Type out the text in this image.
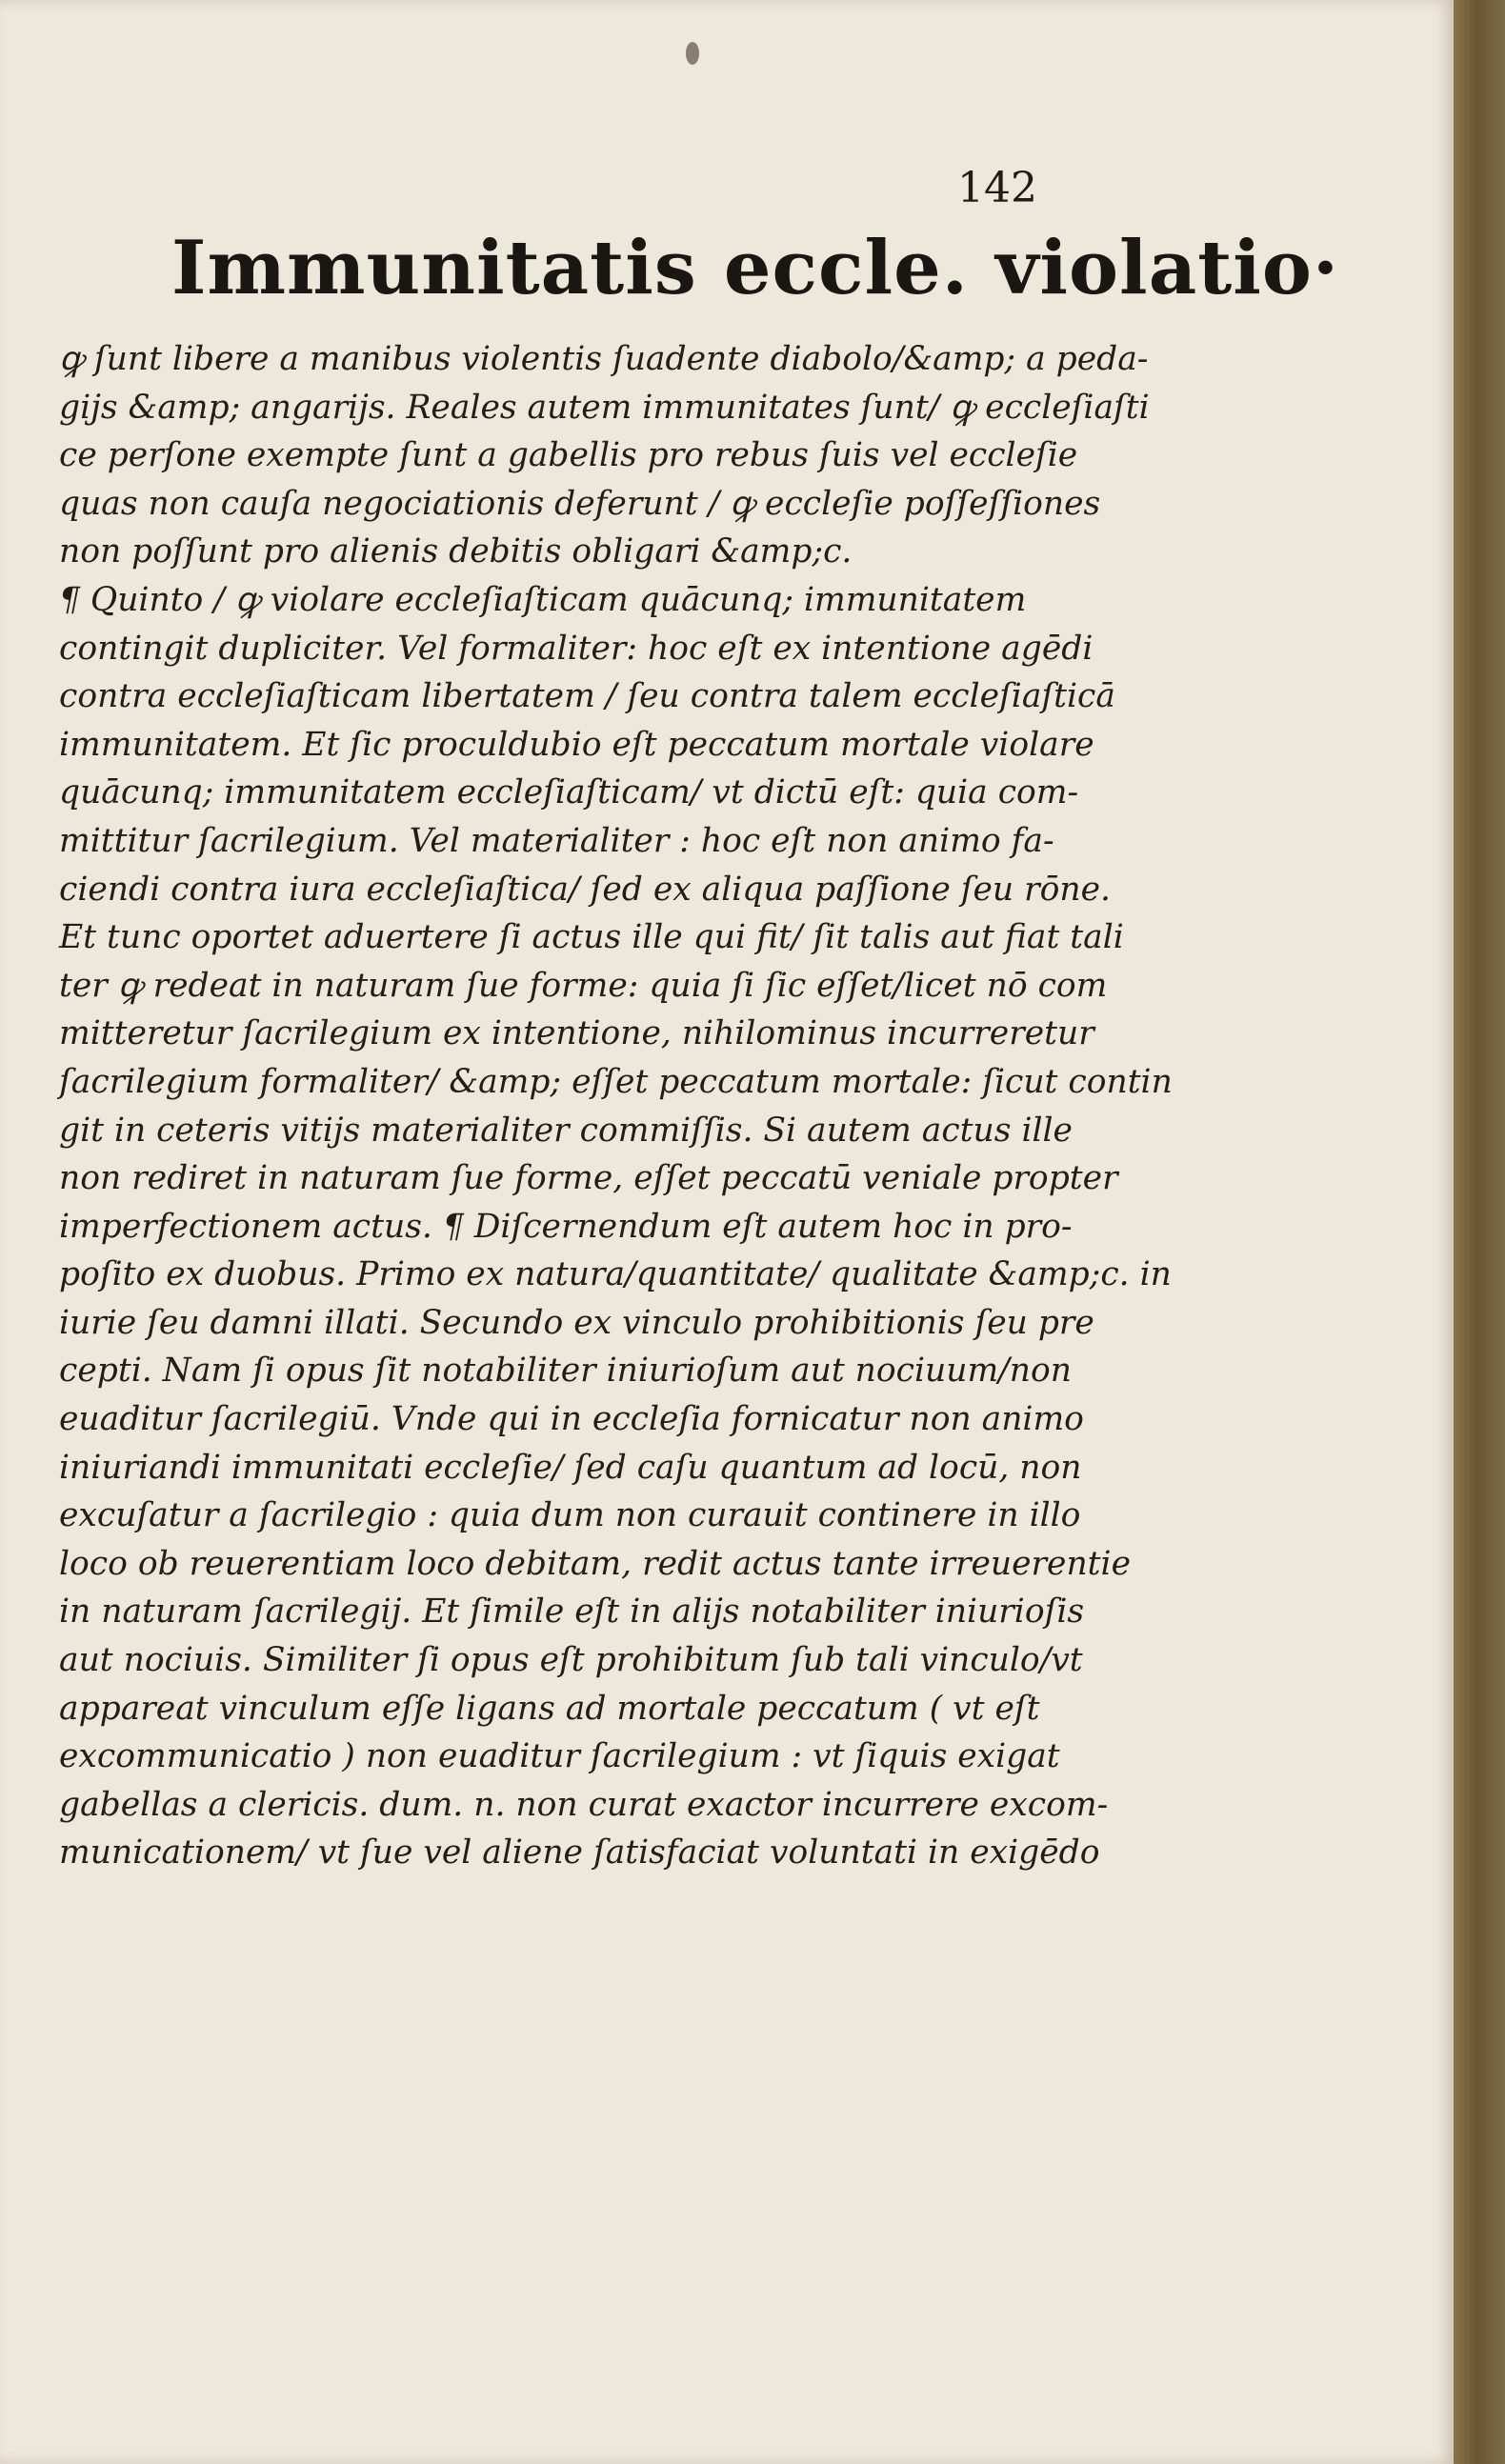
142
Immunitatis eccle. violatio·
ꝙ ſunt libere a manibus violentis ſuadente diabolo/&amp; a peda‐
gijs &amp; angarijs. Reales autem immunitates ſunt/ ꝙ eccleſiaſti
ce perſone exempte ſunt a gabellis pro rebus ſuis vel eccleſie
quas non cauſa negociationis deferunt / ꝙ eccleſie poſſeſſiones
non poſſunt pro alienis debitis obligari &amp;c.
¶ Quinto / ꝙ violare eccleſiaſticam quācunq; immunitatem
contingit dupliciter. Vel formaliter: hoc eſt ex intentione agēdi
contra eccleſiaſticam libertatem / ſeu contra talem eccleſiaſticā
immunitatem. Et ſic proculdubio eſt peccatum mortale violare
quācunq; immunitatem eccleſiaſticam/ vt dictū eſt: quia com‐
mittitur ſacrilegium. Vel materialiter : hoc eſt non animo fa‐
ciendi contra iura eccleſiaſtica/ ſed ex aliqua paſſione ſeu rōne.
Et tunc oportet aduertere ſi actus ille qui fit/ ſit talis aut fiat tali
ter ꝙ redeat in naturam ſue forme: quia ſi ſic eſſet/licet nō com
mitteretur ſacrilegium ex intentione, nihilominus incurreretur
ſacrilegium formaliter/ &amp; eſſet peccatum mortale: ſicut contin
git in ceteris vitijs materialiter commiſſis. Si autem actus ille
non rediret in naturam ſue forme, eſſet peccatū veniale propter
imperfectionem actus. ¶ Diſcernendum eſt autem hoc in pro‐
poſito ex duobus. Primo ex natura/quantitate/ qualitate &amp;c. in
iurie ſeu damni illati. Secundo ex vinculo prohibitionis ſeu pre
cepti. Nam ſi opus ſit notabiliter iniurioſum aut nociuum/non
euaditur ſacrilegiū. Vnde qui in eccleſia fornicatur non animo
iniuriandi immunitati eccleſie/ ſed caſu quantum ad locū, non
excuſatur a ſacrilegio : quia dum non curauit continere in illo
loco ob reuerentiam loco debitam, redit actus tante irreuerentie
in naturam ſacrilegij. Et ſimile eſt in alijs notabiliter iniurioſis
aut nociuis. Similiter ſi opus eſt prohibitum ſub tali vinculo/vt
appareat vinculum eſſe ligans ad mortale peccatum ( vt eſt
excommunicatio ) non euaditur ſacrilegium : vt ſiquis exigat
gabellas a clericis. dum. n. non curat exactor incurrere excom‐
municationem/ vt ſue vel aliene ſatisfaciat voluntati in exigēdo
